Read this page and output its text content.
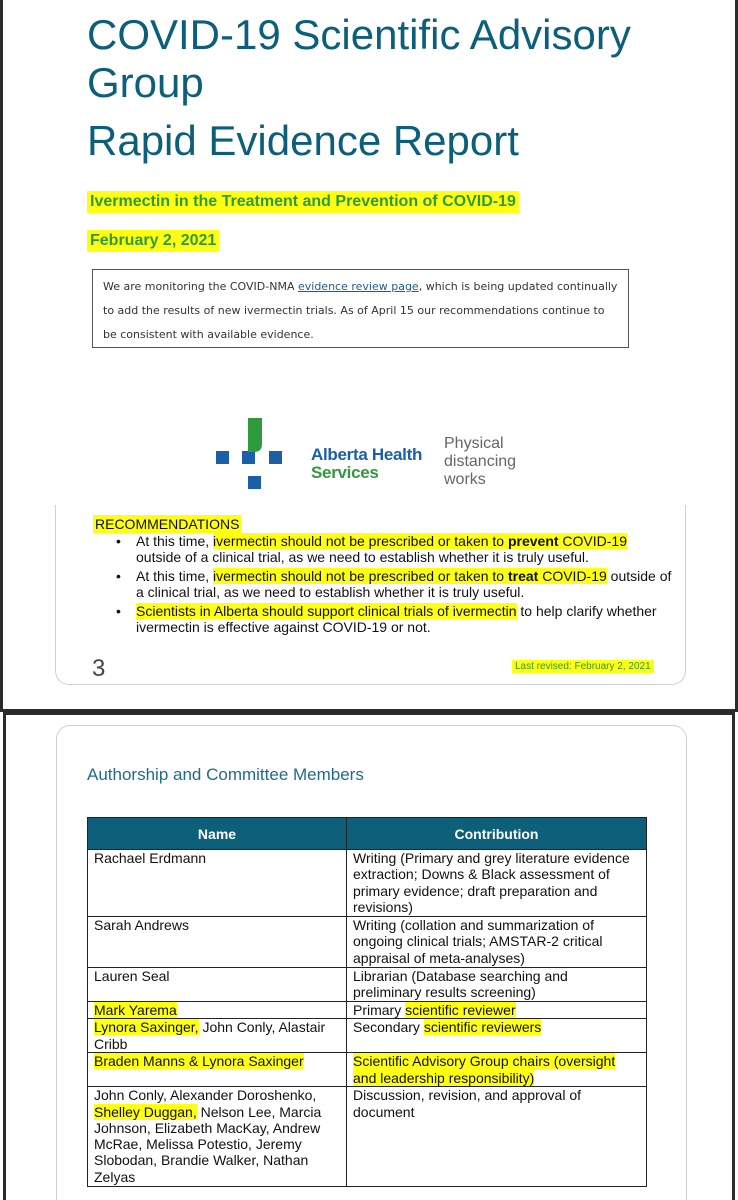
COVID-19 Scientific Advisory
Group
Rapid Evidence Report
Ivermectin in the Treatment and Prevention of COVID-19
February 2, 2021
We are monitoring the COVID-NMA evidence review page, which is being updated continually to add the results of new ivermectin trials. As of April 15 our recommendations continue to be consistent with available evidence.
Alberta Health
Services
Physical
distancing
works
RECOMMENDATIONS
• At this time, ivermectin should not be prescribed or taken to prevent COVID-19 outside of a clinical trial, as we need to establish whether it is truly useful.
• At this time, ivermectin should not be prescribed or taken to treat COVID-19 outside of a clinical trial, as we need to establish whether it is truly useful.
• Scientists in Alberta should support clinical trials of ivermectin to help clarify whether ivermectin is effective against COVID-19 or not.
3	Last revised: February 2, 2021
Authorship and Committee Members
Name	Contribution
Rachael Erdmann	Writing (Primary and grey literature evidence extraction; Downs & Black assessment of primary evidence; draft preparation and revisions)
Sarah Andrews	Writing (collation and summarization of ongoing clinical trials; AMSTAR-2 critical appraisal of meta-analyses)
Lauren Seal	Librarian (Database searching and preliminary results screening)
Mark Yarema	Primary scientific reviewer
Lynora Saxinger, John Conly, Alastair Cribb	Secondary scientific reviewers
Braden Manns & Lynora Saxinger	Scientific Advisory Group chairs (oversight and leadership responsibility)
John Conly, Alexander Doroshenko, Shelley Duggan, Nelson Lee, Marcia Johnson, Elizabeth MacKay, Andrew McRae, Melissa Potestio, Jeremy Slobodan, Brandie Walker, Nathan Zelyas	Discussion, revision, and approval of document
